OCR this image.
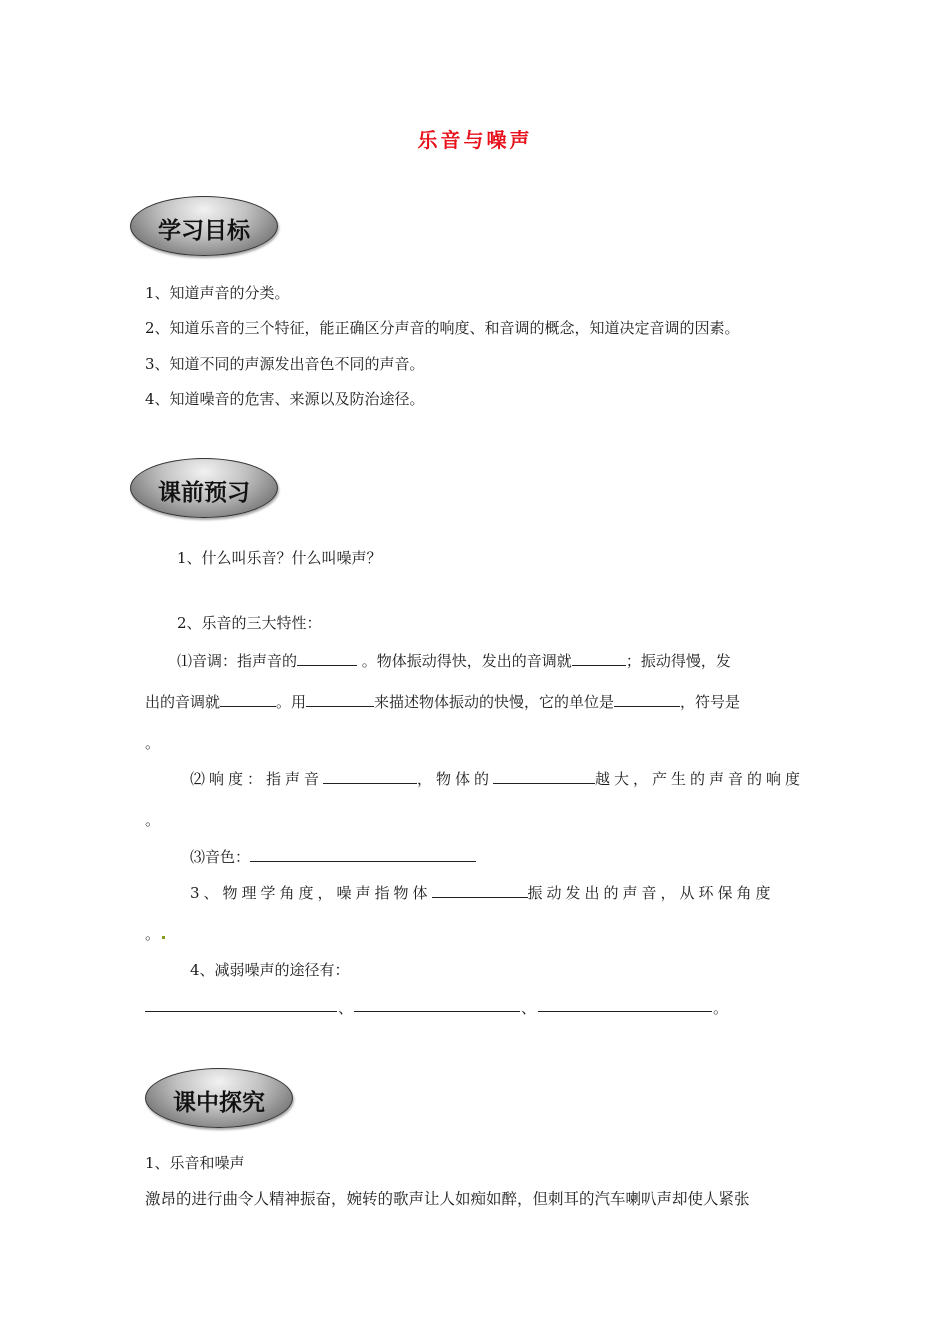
乐音与噪声
学习目标
1、知道声音的分类。
2、知道乐音的三个特征，能正确区分声音的响度、和音调的概念，知道决定音调的因素。
3、知道不同的声源发出音色不同的声音。
4、知道噪音的危害、来源以及防治途径。
课前预习
1、什么叫乐音？什么叫噪声？
2、乐音的三大特性：
⑴音调：指声音的	。物体振动得快，发出的音调就	；振动得慢，发
出的音调就	。用	来描述物体振动的快慢，它的单位是	，符号是
。
⑵响度：指声音	，物体的	越大，产生的声音的响度
。
⑶音色：
3、物理学角度，噪声指物体	振动发出的声音，从环保角度
。
4、减弱噪声的途径有：
、	、	。
课中探究
1、乐音和噪声
激昂的进行曲令人精神振奋，婉转的歌声让人如痴如醉，但刺耳的汽车喇叭声却使人紧张
